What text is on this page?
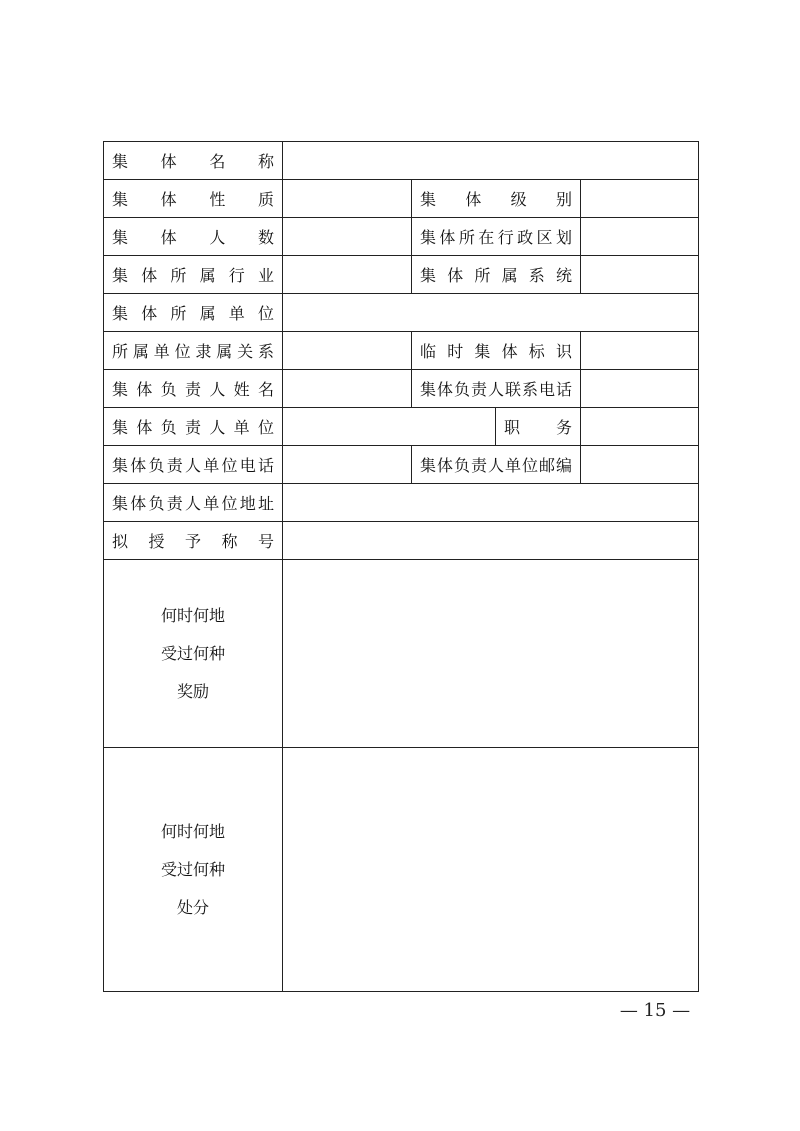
集体名称				
集体性质		集体级别		
集体人数		集体所在行政区划		
集体所属行业		集体所属系统		
集体所属单位				
所属单位隶属关系		临时集体标识		
集体负责人姓名		集体负责人联系电话		
集体负责人单位			职务	
集体负责人单位电话		集体负责人单位邮编		
集体负责人单位地址				
拟授予称号				

何时何地
受过何种
奖励				

何时何地
受过何种
处分				

— 15 —
